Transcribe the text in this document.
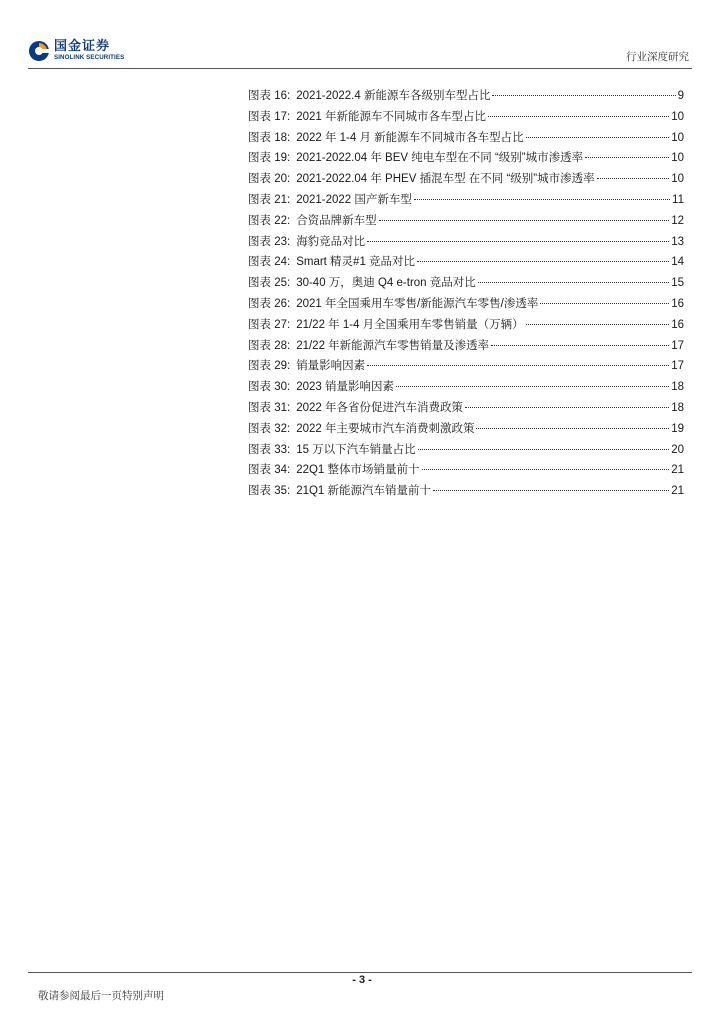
国金证券
SINOLINK SECURITIES	行业深度研究
图表 16: 2021-2022.4 新能源车各级别车型占比	9
图表 17: 2021 年新能源车不同城市各车型占比	10
图表 18: 2022 年 1-4 月 新能源车不同城市各车型占比	10
图表 19: 2021-2022.04 年 BEV 纯电车型在不同 “级别”城市渗透率	10
图表 20: 2021-2022.04 年 PHEV 插混车型 在不同 “级别”城市渗透率	10
图表 21: 2021-2022 国产新车型	11
图表 22: 合资品牌新车型	12
图表 23: 海豹竞品对比	13
图表 24: Smart 精灵#1 竞品对比	14
图表 25: 30-40 万，奥迪 Q4 e-tron 竞品对比	15
图表 26: 2021 年全国乘用车零售/新能源汽车零售/渗透率	16
图表 27: 21/22 年 1-4 月全国乘用车零售销量（万辆）	16
图表 28: 21/22 年新能源汽车零售销量及渗透率	17
图表 29: 销量影响因素	17
图表 30: 2023 销量影响因素	18
图表 31: 2022 年各省份促进汽车消费政策	18
图表 32: 2022 年主要城市汽车消费刺激政策	19
图表 33: 15 万以下汽车销量占比	20
图表 34: 22Q1 整体市场销量前十	21
图表 35: 21Q1 新能源汽车销量前十	21
- 3 -
敬请参阅最后一页特别声明
